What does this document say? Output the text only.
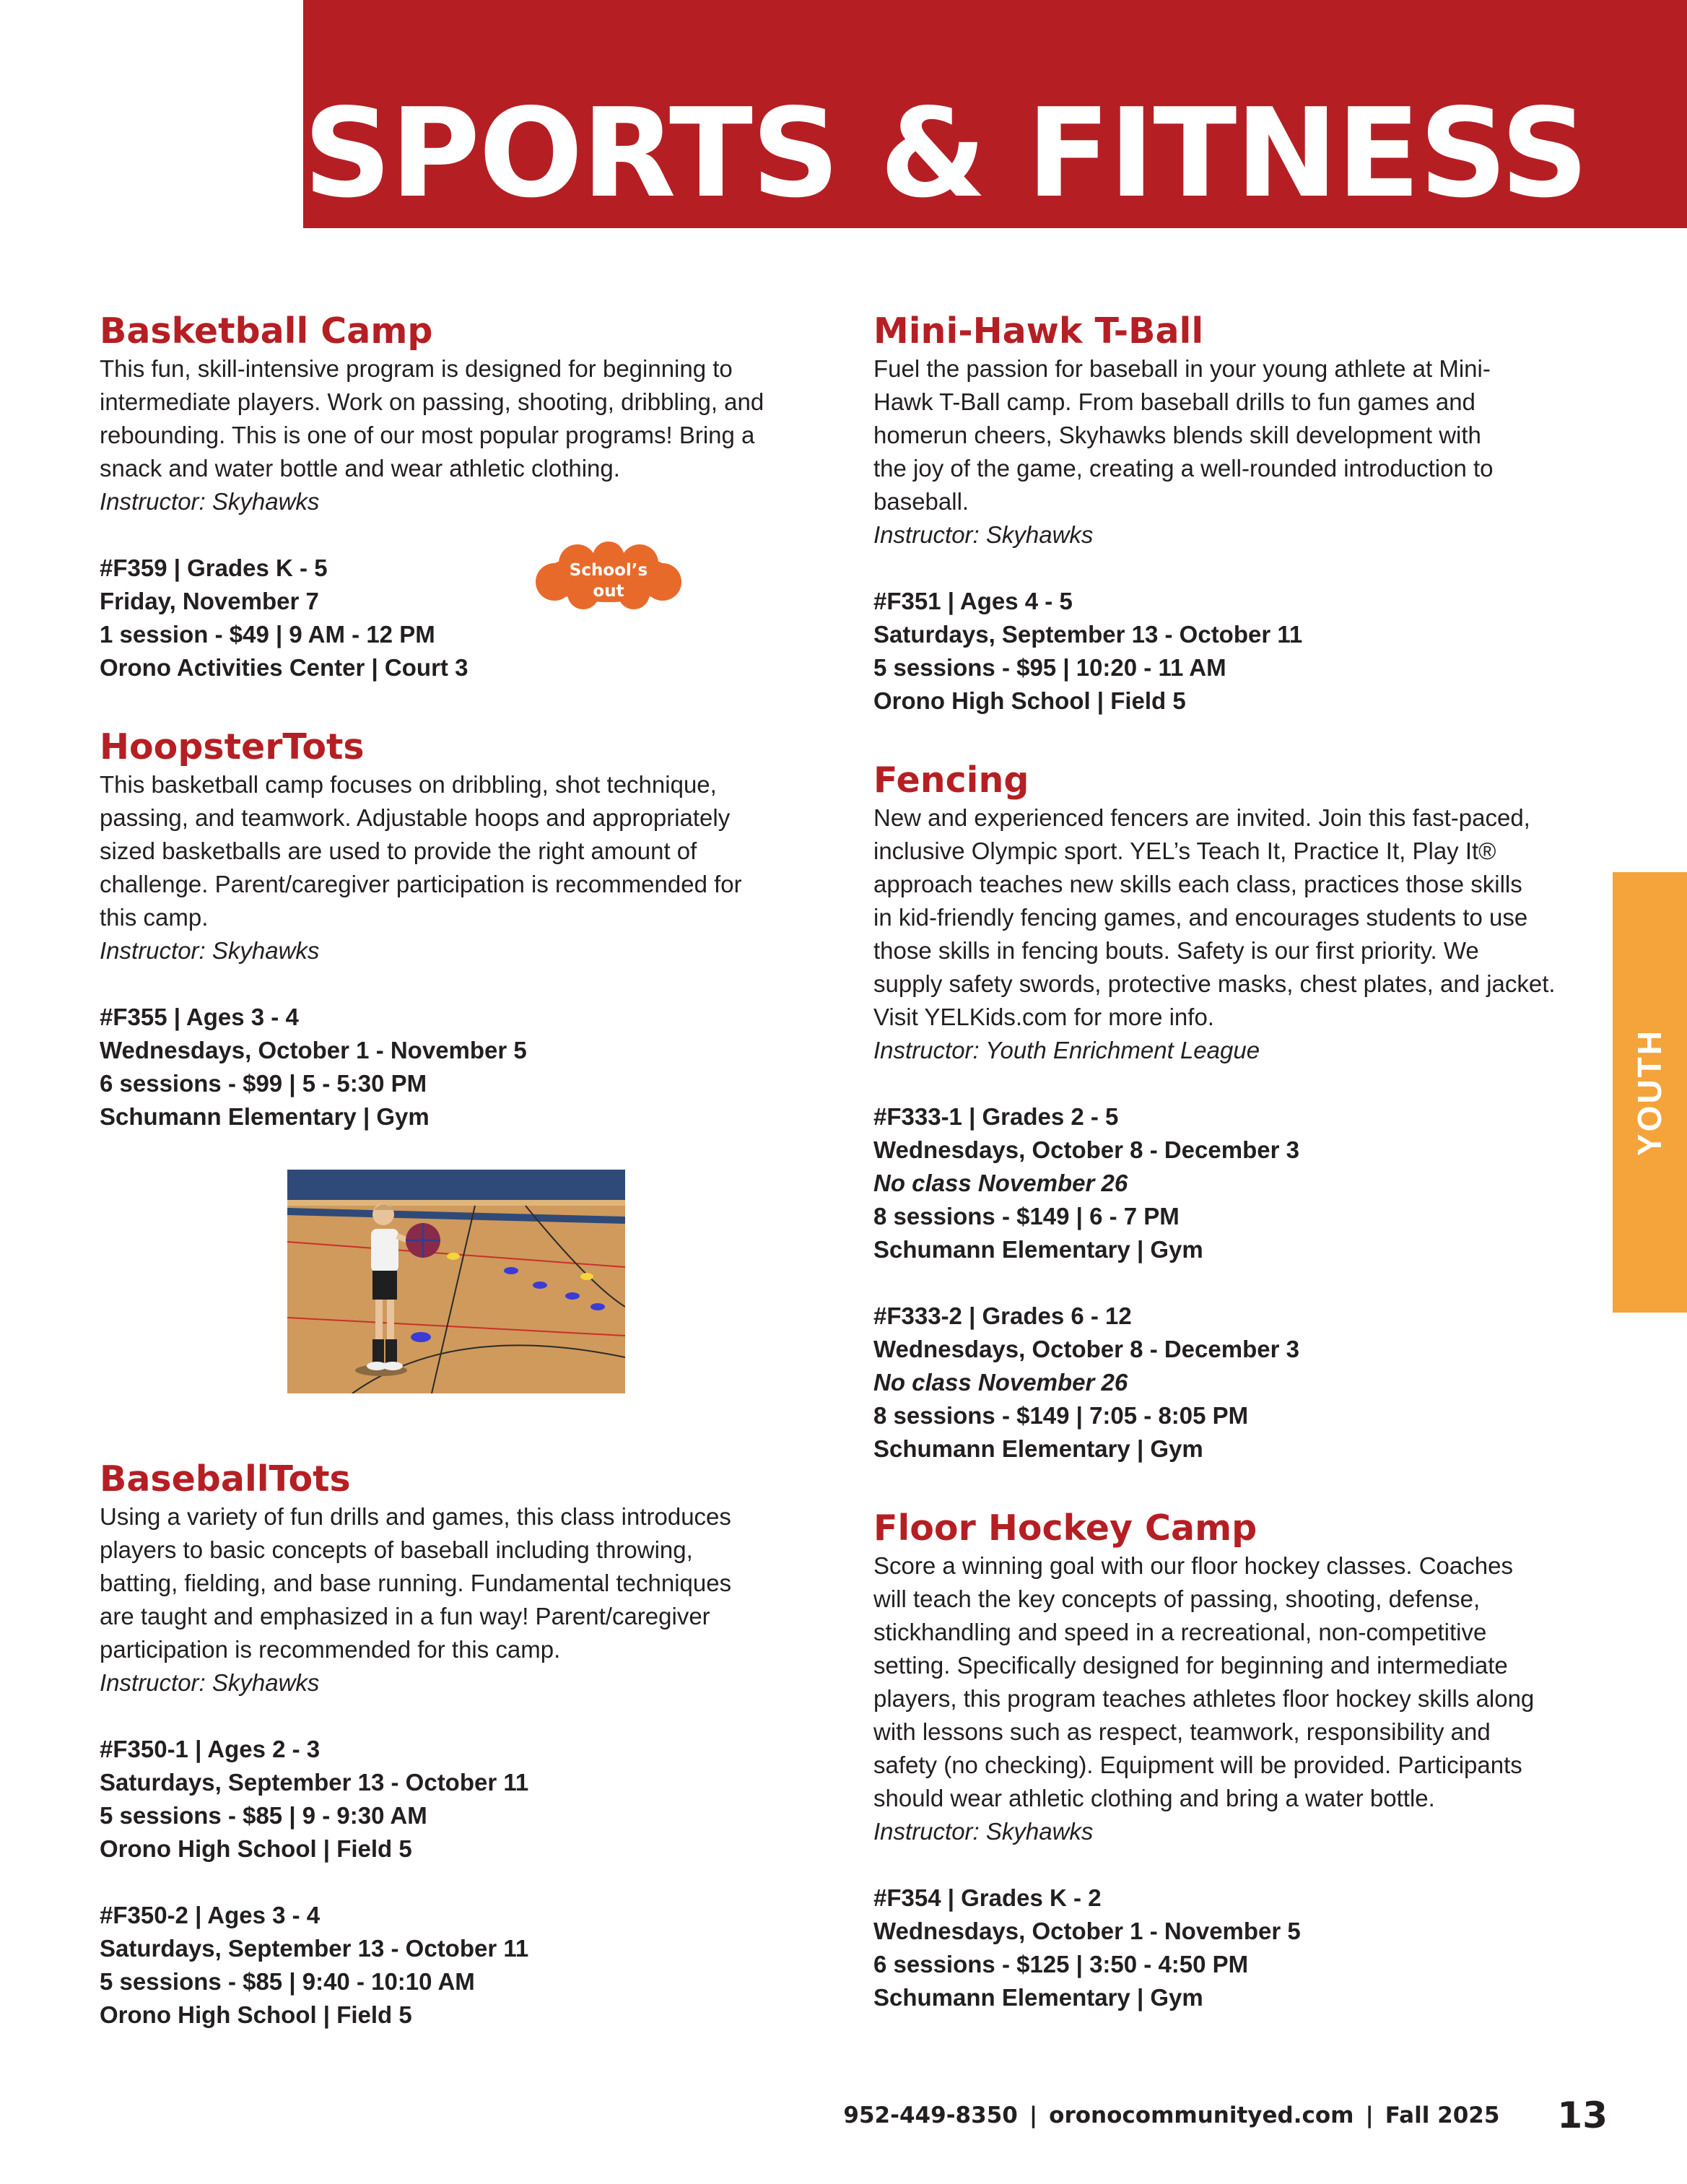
SPORTS & FITNESS
Basketball Camp
This fun, skill-intensive program is designed for beginning to
intermediate players. Work on passing, shooting, dribbling, and
rebounding. This is one of our most popular programs! Bring a
snack and water bottle and wear athletic clothing.
Instructor: Skyhawks
#F359 | Grades K - 5
Friday, November 7
1 session - $49 | 9 AM - 12 PM
Orono Activities Center | Court 3
HoopsterTots
This basketball camp focuses on dribbling, shot technique,
passing, and teamwork. Adjustable hoops and appropriately
sized basketballs are used to provide the right amount of
challenge. Parent/caregiver participation is recommended for
this camp.
Instructor: Skyhawks
#F355 | Ages 3 - 4
Wednesdays, October 1 - November 5
6 sessions - $99 | 5 - 5:30 PM
Schumann Elementary | Gym
BaseballTots
Using a variety of fun drills and games, this class introduces
players to basic concepts of baseball including throwing,
batting, fielding, and base running. Fundamental techniques
are taught and emphasized in a fun way! Parent/caregiver
participation is recommended for this camp.
Instructor: Skyhawks
#F350-1 | Ages 2 - 3
Saturdays, September 13 - October 11
5 sessions - $85 | 9 - 9:30 AM
Orono High School | Field 5
#F350-2 | Ages 3 - 4
Saturdays, September 13 - October 11
5 sessions - $85 | 9:40 - 10:10 AM
Orono High School | Field 5
School’s
out
Mini-Hawk T-Ball
Fuel the passion for baseball in your young athlete at Mini-
Hawk T-Ball camp. From baseball drills to fun games and
homerun cheers, Skyhawks blends skill development with
the joy of the game, creating a well-rounded introduction to
baseball.
Instructor: Skyhawks
#F351 | Ages 4 - 5
Saturdays, September 13 - October 11
5 sessions - $95 | 10:20 - 11 AM
Orono High School | Field 5
Fencing
New and experienced fencers are invited. Join this fast-paced,
inclusive Olympic sport. YEL’s Teach It, Practice It, Play It®
approach teaches new skills each class, practices those skills
in kid-friendly fencing games, and encourages students to use
those skills in fencing bouts. Safety is our first priority. We
supply safety swords, protective masks, chest plates, and jacket.
Visit YELKids.com for more info.
Instructor: Youth Enrichment League
#F333-1 | Grades 2 - 5
Wednesdays, October 8 - December 3
No class November 26
8 sessions - $149 | 6 - 7 PM
Schumann Elementary | Gym
#F333-2 | Grades 6 - 12
Wednesdays, October 8 - December 3
No class November 26
8 sessions - $149 | 7:05 - 8:05 PM
Schumann Elementary | Gym
Floor Hockey Camp
Score a winning goal with our floor hockey classes. Coaches
will teach the key concepts of passing, shooting, defense,
stickhandling and speed in a recreational, non-competitive
setting. Specifically designed for beginning and intermediate
players, this program teaches athletes floor hockey skills along
with lessons such as respect, teamwork, responsibility and
safety (no checking). Equipment will be provided. Participants
should wear athletic clothing and bring a water bottle.
Instructor: Skyhawks
#F354 | Grades K - 2
Wednesdays, October 1 - November 5
6 sessions - $125 | 3:50 - 4:50 PM
Schumann Elementary | Gym
YOUTH
952-449-8350 | oronocommunityed.com | Fall 2025 13
